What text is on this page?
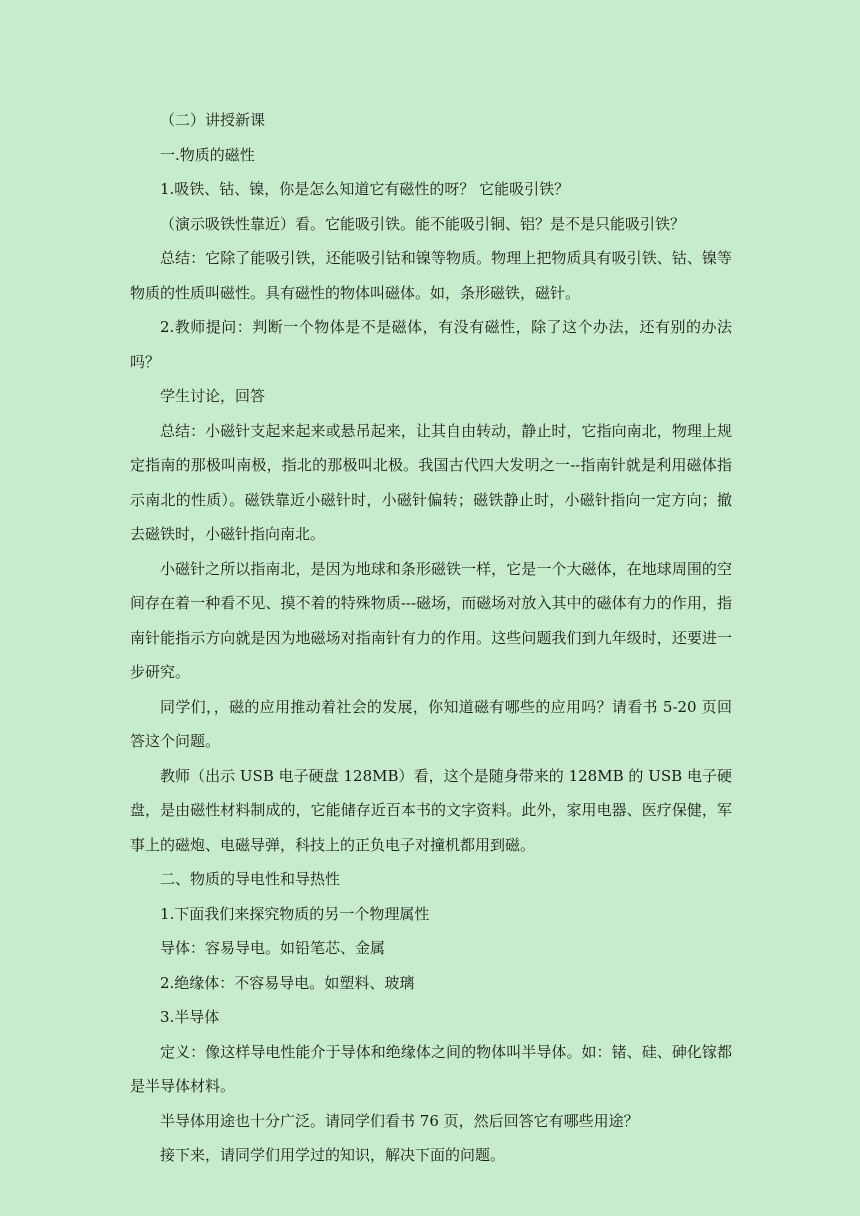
（二）讲授新课

一.物质的磁性

1.吸铁、钴、镍，你是怎么知道它有磁性的呀？ 它能吸引铁？

（演示吸铁性靠近）看。它能吸引铁。能不能吸引铜、铝？是不是只能吸引铁？

总结：它除了能吸引铁，还能吸引钴和镍等物质。物理上把物质具有吸引铁、钴、镍等物质的性质叫磁性。具有磁性的物体叫磁体。如，条形磁铁，磁针。

2.教师提问：判断一个物体是不是磁体，有没有磁性，除了这个办法，还有别的办法吗？

学生讨论，回答

总结：小磁针支起来起来或悬吊起来，让其自由转动，静止时，它指向南北，物理上规定指南的那极叫南极，指北的那极叫北极。我国古代四大发明之一--指南针就是利用磁体指示南北的性质）。磁铁靠近小磁针时，小磁针偏转；磁铁静止时，小磁针指向一定方向；撤去磁铁时，小磁针指向南北。

小磁针之所以指南北，是因为地球和条形磁铁一样，它是一个大磁体，在地球周围的空间存在着一种看不见、摸不着的特殊物质---磁场，而磁场对放入其中的磁体有力的作用，指南针能指示方向就是因为地磁场对指南针有力的作用。这些问题我们到九年级时，还要进一步研究。

同学们，，磁的应用推动着社会的发展，你知道磁有哪些的应用吗？请看书 5-20 页回答这个问题。

教师（出示 USB 电子硬盘 128MB）看，这个是随身带来的 128MB 的 USB 电子硬盘，是由磁性材料制成的，它能储存近百本书的文字资料。此外，家用电器、医疗保健，军事上的磁炮、电磁导弹，科技上的正负电子对撞机都用到磁。

二、物质的导电性和导热性

1.下面我们来探究物质的另一个物理属性

导体：容易导电。如铅笔芯、金属

2.绝缘体：不容易导电。如塑料、玻璃

3.半导体

定义：像这样导电性能介于导体和绝缘体之间的物体叫半导体。如：锗、硅、砷化镓都是半导体材料。

半导体用途也十分广泛。请同学们看书 76 页，然后回答它有哪些用途？

接下来，请同学们用学过的知识，解决下面的问题。
